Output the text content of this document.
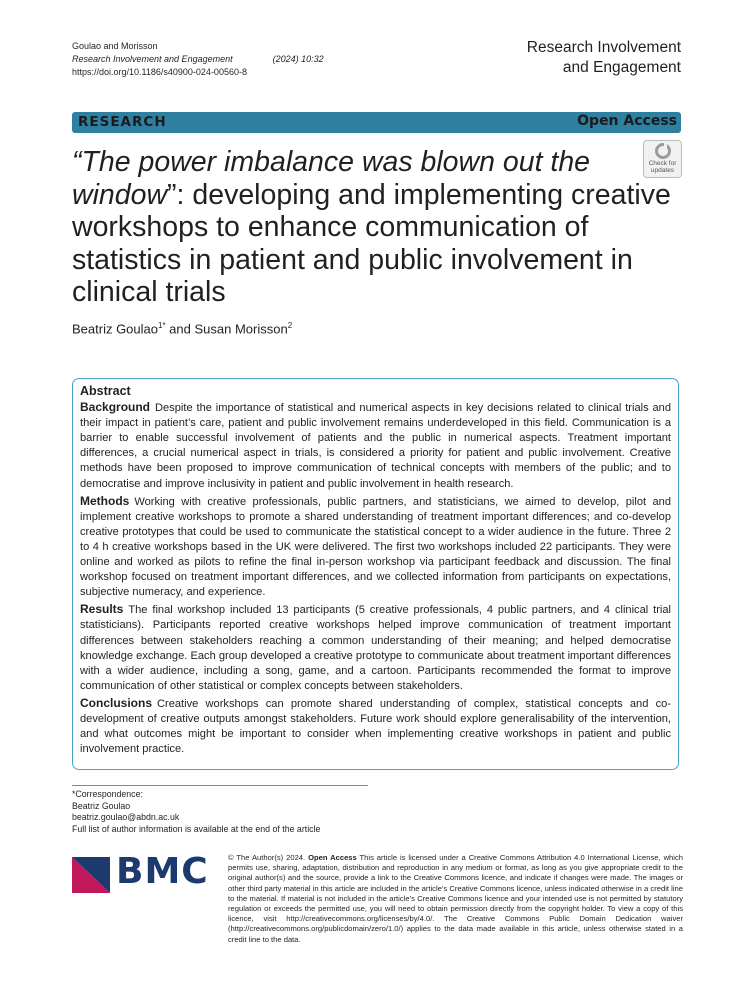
Goulao and Morisson
Research Involvement and Engagement	(2024) 10:32
https://doi.org/10.1186/s40900-024-00560-8
Research Involvement
and Engagement
RESEARCH	Open Access
Check for
updates
“The power imbalance was blown out the window”: developing and implementing creative workshops to enhance communication of statistics in patient and public involvement in clinical trials
Beatriz Goulao$^{1*}$ and Susan Morisson$^2$
Abstract

Background Despite the importance of statistical and numerical aspects in key decisions related to clinical trials and their impact in patient’s care, patient and public involvement remains underdeveloped in this field. Communication is a barrier to enable successful involvement of patients and the public in numerical aspects. Treatment important differences, a crucial numerical aspect in trials, is considered a priority for patient and public involvement. Creative methods have been proposed to improve communication of technical concepts with members of the public; and to democratise and improve inclusivity in patient and public involvement in health research.

Methods Working with creative professionals, public partners, and statisticians, we aimed to develop, pilot and implement creative workshops to promote a shared understanding of treatment important differences; and co-develop creative prototypes that could be used to communicate the statistical concept to a wider audience in the future. Three 2 to 4 h creative workshops based in the UK were delivered. The first two workshops included 22 participants. They were online and worked as pilots to refine the final in-person workshop via participant feedback and discussion. The final workshop focused on treatment important differences, and we collected information from participants on expectations, subjective numeracy, and experience.

Results The final workshop included 13 participants (5 creative professionals, 4 public partners, and 4 clinical trial statisticians). Participants reported creative workshops helped improve communication of treatment important differences between stakeholders reaching a common understanding of their meaning; and helped democratise knowledge exchange. Each group developed a creative prototype to communicate about treatment important differences with a wider audience, including a song, game, and a cartoon. Participants recommended the format to improve communication of other statistical or complex concepts between stakeholders.

Conclusions Creative workshops can promote shared understanding of complex, statistical concepts and co-development of creative outputs amongst stakeholders. Future work should explore generalisability of the intervention, and what outcomes might be important to consider when implementing creative workshops in patient and public involvement practice.

*Correspondence:
Beatriz Goulao
beatriz.goulao@abdn.ac.uk
Full list of author information is available at the end of the article
BMC	© The Author(s) 2024. Open Access This article is licensed under a Creative Commons Attribution 4.0 International License, which permits use, sharing, adaptation, distribution and reproduction in any medium or format, as long as you give appropriate credit to the original author(s) and the source, provide a link to the Creative Commons licence, and indicate if changes were made. The images or other third party material in this article are included in the article’s Creative Commons licence, unless indicated otherwise in a credit line to the material. If material is not included in the article’s Creative Commons licence and your intended use is not permitted by statutory regulation or exceeds the permitted use, you will need to obtain permission directly from the copyright holder. To view a copy of this licence, visit http://creativecommons.org/licenses/by/4.0/. The Creative Commons Public Domain Dedication waiver (http://creativecommons.org/publicdomain/zero/1.0/) applies to the data made available in this article, unless otherwise stated in a credit line to the data.
